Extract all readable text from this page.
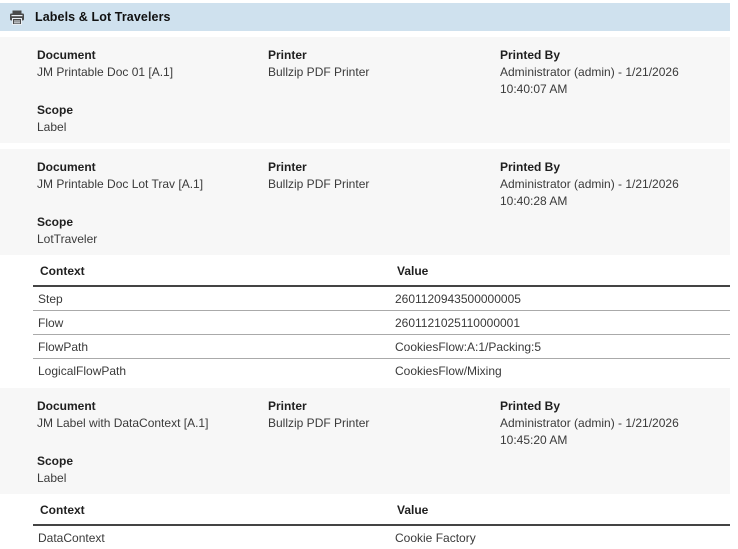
Labels & Lot Travelers
Document
JM Printable Doc 01 [A.1]
Printer
Bullzip PDF Printer
Printed By
Administrator (admin) - 1/21/2026 10:40:07 AM
Scope
Label
Document
JM Printable Doc Lot Trav [A.1]
Printer
Bullzip PDF Printer
Printed By
Administrator (admin) - 1/21/2026 10:40:28 AM
Scope
LotTraveler
Context	Value
Step	2601120943500000005
Flow	2601121025110000001
FlowPath	CookiesFlow:A:1/Packing:5
LogicalFlowPath	CookiesFlow/Mixing
Document
JM Label with DataContext [A.1]
Printer
Bullzip PDF Printer
Printed By
Administrator (admin) - 1/21/2026 10:45:20 AM
Scope
Label
Context	Value
DataContext	Cookie Factory
